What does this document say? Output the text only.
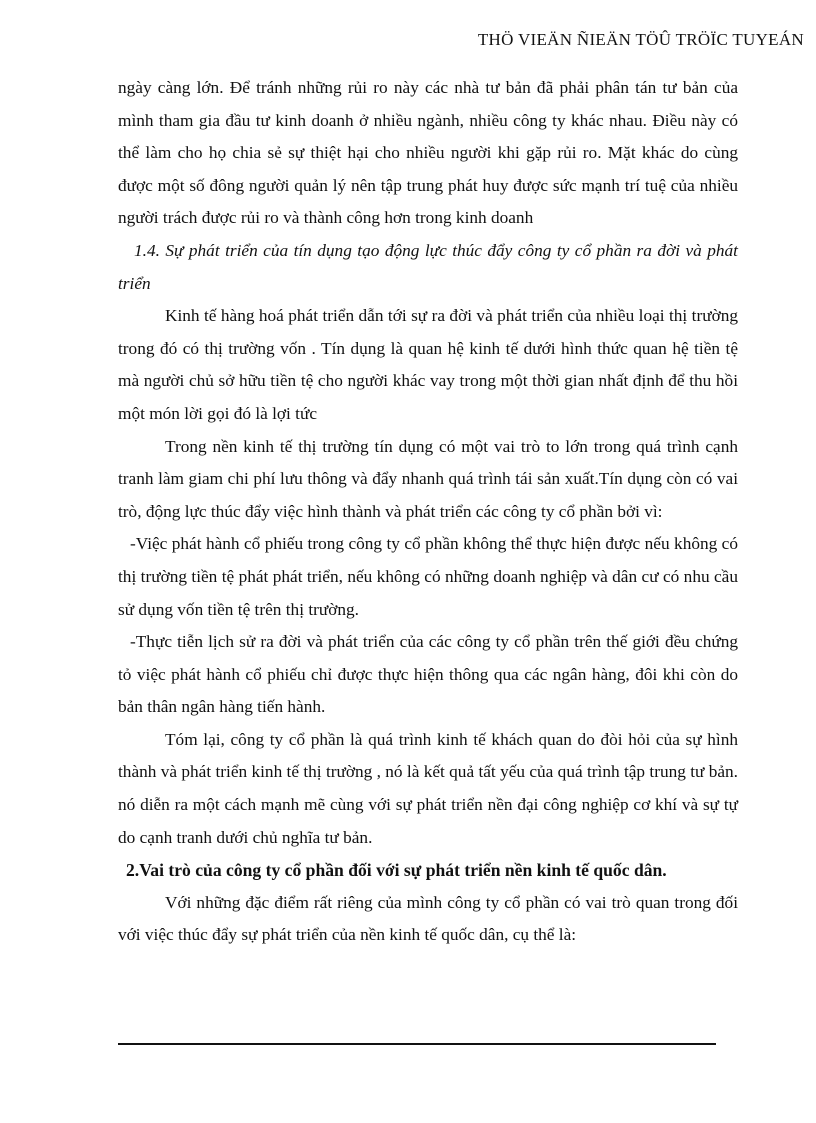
THÖ VIEÄN ÑIEÄN TÖÛ TRÖÏC TUYEÁN

ngày càng lớn. Để tránh những rủi ro này các nhà tư bản đã phải phân tán tư bản của mình tham gia đầu tư kinh doanh ở nhiều ngành, nhiều công ty khác nhau. Điều này có thể làm cho họ chia sẻ sự thiệt hại cho nhiều người khi gặp rủi ro. Mặt khác do cùng được một số đông người quản lý nên tập trung phát huy được sức mạnh trí tuệ của nhiều người trách được rủi ro và thành công hơn trong kinh doanh

1.4. Sự phát triển của tín dụng tạo động lực thúc đẩy công ty cổ phần ra đời và phát triển

Kinh tế hàng hoá phát triển dẫn tới sự ra đời và phát triển của nhiều loại thị trường trong đó có thị trường vốn . Tín dụng là quan hệ kinh tế dưới hình thức quan hệ tiền tệ mà người chủ sở hữu tiền tệ cho người khác vay trong một thời gian nhất định để thu hồi một món lời gọi đó là lợi tức

Trong nền kinh tế thị trường tín dụng có một vai trò to lớn trong quá trình cạnh tranh làm giam chi phí lưu thông và đẩy nhanh quá trình tái sản xuất.Tín dụng còn có vai trò, động lực thúc đẩy việc hình thành và phát triển các công ty cổ phần bởi vì:

-Việc phát hành cổ phiếu trong công ty cổ phần không thể thực hiện được nếu không có thị trường tiền tệ phát phát triển, nếu không có những doanh nghiệp và dân cư có nhu cầu sử dụng vốn tiền tệ trên thị trường.

-Thực tiễn lịch sử ra đời và phát triển của các công ty cổ phần trên thế giới đều chứng tỏ việc phát hành cổ phiếu chỉ được thực hiện thông qua các ngân hàng, đôi khi còn do bản thân ngân hàng tiến hành.

Tóm lại, công ty cổ phần là quá trình kinh tế khách quan do đòi hỏi của sự hình thành và phát triển kinh tế thị trường , nó là kết quả tất yếu của quá trình tập trung tư bản. nó diễn ra một cách mạnh mẽ cùng với sự phát triển nền đại công nghiệp cơ khí và sự tự do cạnh tranh dưới chủ nghĩa tư bản.

2.Vai trò của công ty cổ phần đối với sự phát triển nền kinh tế quốc dân.

Với những đặc điểm rất riêng của mình công ty cổ phần có vai trò quan trong đối với việc thúc đẩy sự phát triển của nền kinh tế quốc dân, cụ thể là:
